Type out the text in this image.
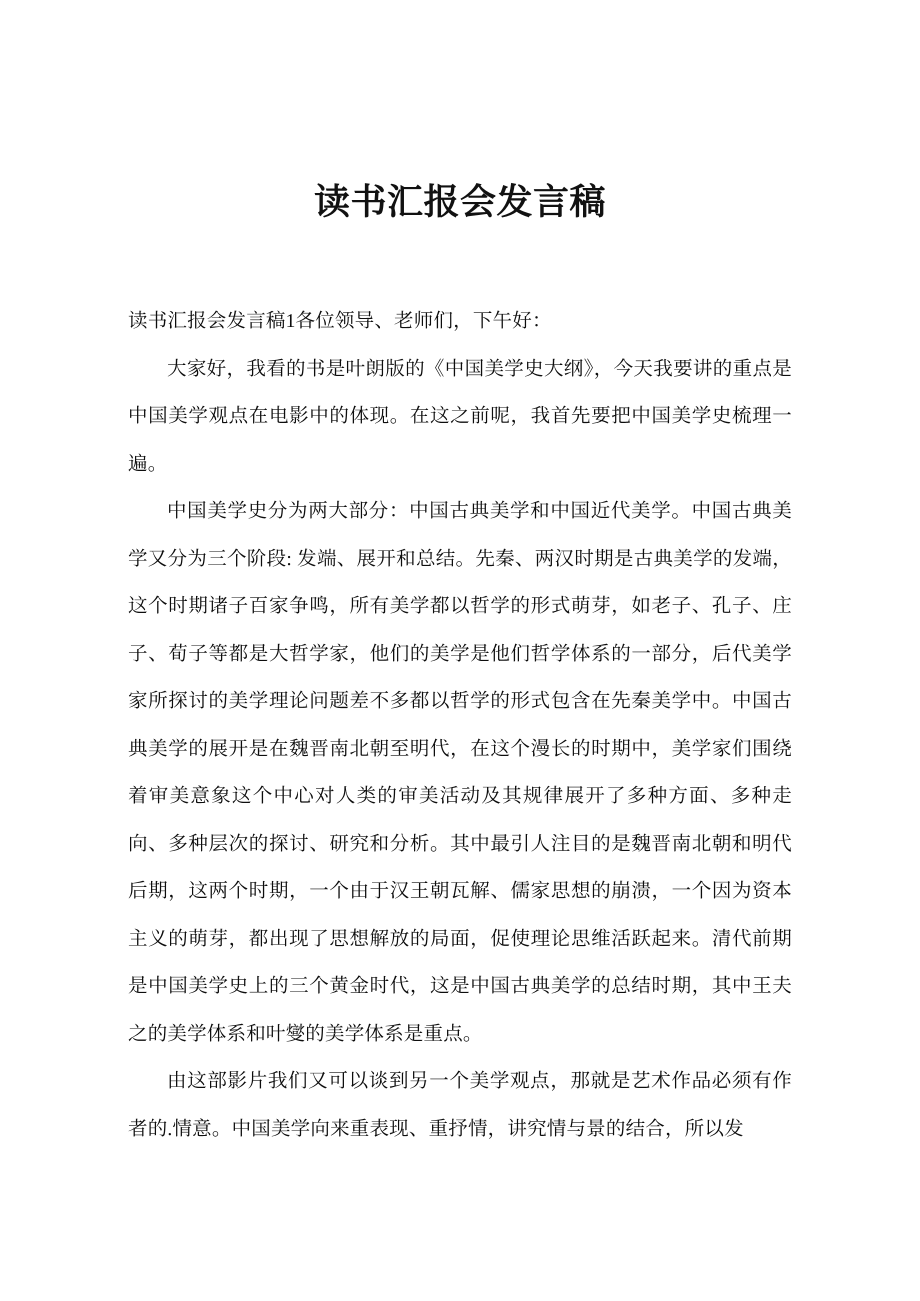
读书汇报会发言稿

读书汇报会发言稿1各位领导、老师们，下午好：

大家好，我看的书是叶朗版的《中国美学史大纲》，今天我要讲的重点是中国美学观点在电影中的体现。在这之前呢，我首先要把中国美学史梳理一遍。

中国美学史分为两大部分：中国古典美学和中国近代美学。中国古典美学又分为三个阶段: 发端、展开和总结。先秦、两汉时期是古典美学的发端，这个时期诸子百家争鸣，所有美学都以哲学的形式萌芽，如老子、孔子、庄子、荀子等都是大哲学家，他们的美学是他们哲学体系的一部分，后代美学家所探讨的美学理论问题差不多都以哲学的形式包含在先秦美学中。中国古典美学的展开是在魏晋南北朝至明代，在这个漫长的时期中，美学家们围绕着审美意象这个中心对人类的审美活动及其规律展开了多种方面、多种走向、多种层次的探讨、研究和分析。其中最引人注目的是魏晋南北朝和明代后期，这两个时期，一个由于汉王朝瓦解、儒家思想的崩溃，一个因为资本主义的萌芽，都出现了思想解放的局面，促使理论思维活跃起来。清代前期是中国美学史上的三个黄金时代，这是中国古典美学的总结时期，其中王夫之的美学体系和叶燮的美学体系是重点。

由这部影片我们又可以谈到另一个美学观点，那就是艺术作品必须有作者的.情意。中国美学向来重表现、重抒情，讲究情与景的结合，所以发
